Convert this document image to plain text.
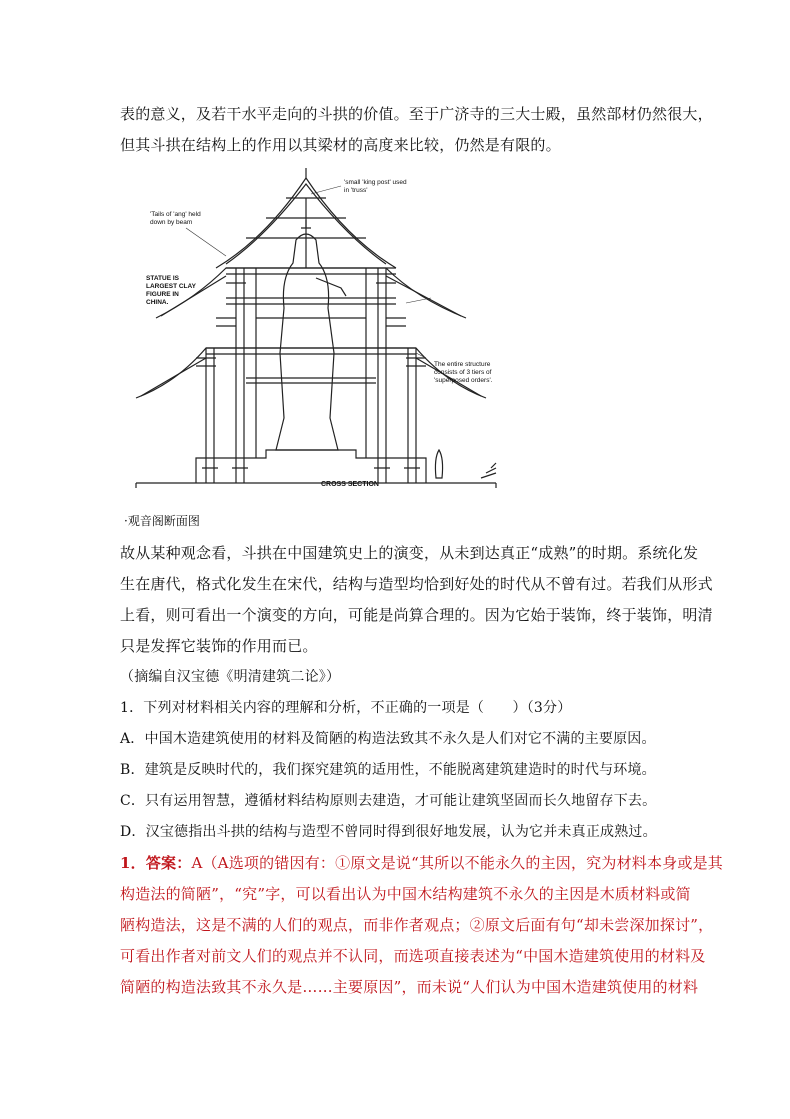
表的意义，及若干水平走向的斗拱的价值。至于广济寺的三大士殿，虽然部材仍然很大，
但其斗拱在结构上的作用以其梁材的高度来比较，仍然是有限的。
'Tails of 'ang' held
down by beam
'small 'king post' used
in 'truss'
STATUE IS
LARGEST CLAY
FIGURE IN
CHINA.
The entire structure
consists of 3 tiers of
'superposed orders'.
CROSS SECTION
·观音阁断面图
故从某种观念看，斗拱在中国建筑史上的演变，从未到达真正“成熟”的时期。系统化发
生在唐代，格式化发生在宋代，结构与造型均恰到好处的时代从不曾有过。若我们从形式
上看，则可看出一个演变的方向，可能是尚算合理的。因为它始于装饰，终于装饰，明清
只是发挥它装饰的作用而已。
（摘编自汉宝德《明清建筑二论》）
1．下列对材料相关内容的理解和分析，不正确的一项是（　　）（3分）
A．中国木造建筑使用的材料及简陋的构造法致其不永久是人们对它不满的主要原因。
B．建筑是反映时代的，我们探究建筑的适用性，不能脱离建筑建造时的时代与环境。
C．只有运用智慧，遵循材料结构原则去建造，才可能让建筑坚固而长久地留存下去。
D．汉宝德指出斗拱的结构与造型不曾同时得到很好地发展，认为它并未真正成熟过。
1．答案：A（A选项的错因有：①原文是说“其所以不能永久的主因，究为材料本身或是其
构造法的简陋”，“究”字，可以看出认为中国木结构建筑不永久的主因是木质材料或简
陋构造法，这是不满的人们的观点，而非作者观点；②原文后面有句“却未尝深加探讨”，
可看出作者对前文人们的观点并不认同，而选项直接表述为“中国木造建筑使用的材料及
简陋的构造法致其不永久是……主要原因”，而未说“人们认为中国木造建筑使用的材料
